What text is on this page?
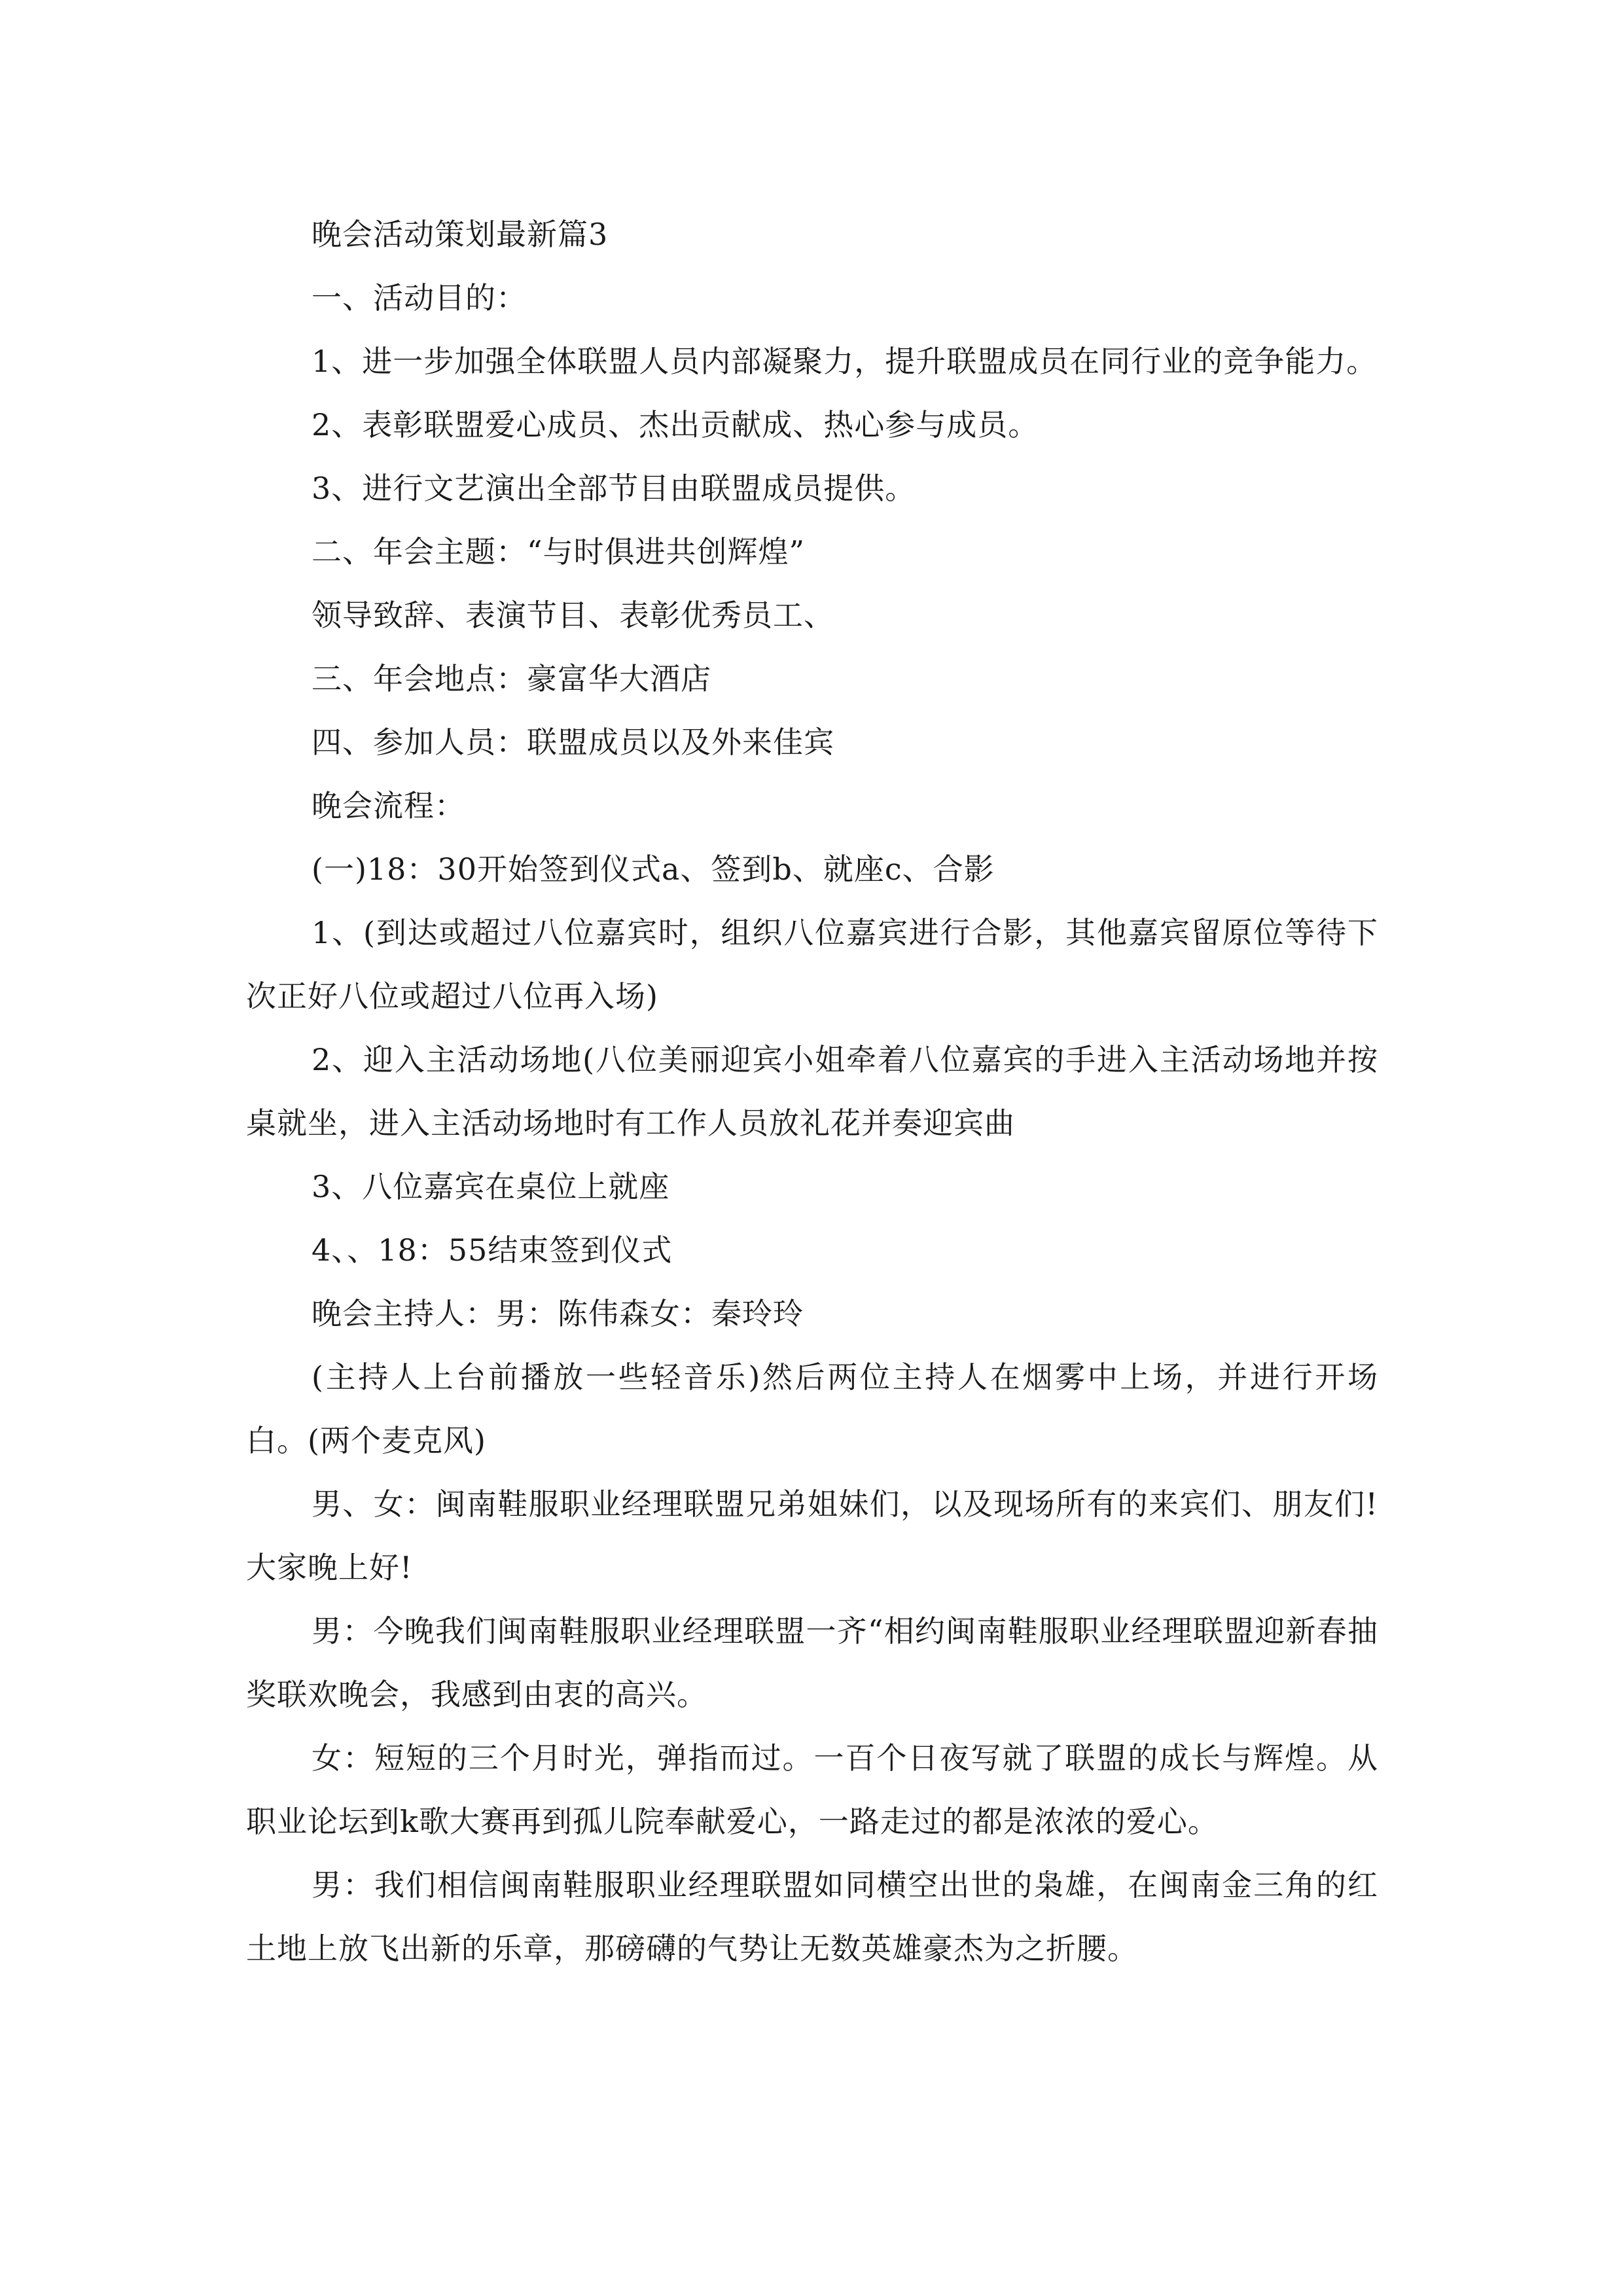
晚会活动策划最新篇3

一、活动目的：

1、进一步加强全体联盟人员内部凝聚力，提升联盟成员在同行业的竞争能力。

2、表彰联盟爱心成员、杰出贡献成、热心参与成员。

3、进行文艺演出全部节目由联盟成员提供。

二、年会主题：“与时俱进共创辉煌”

领导致辞、表演节目、表彰优秀员工、

三、年会地点：豪富华大酒店

四、参加人员：联盟成员以及外来佳宾

晚会流程：

(一)18：30开始签到仪式a、签到b、就座c、合影

1、(到达或超过八位嘉宾时，组织八位嘉宾进行合影，其他嘉宾留原位等待下次正好八位或超过八位再入场)

2、迎入主活动场地(八位美丽迎宾小姐牵着八位嘉宾的手进入主活动场地并按桌就坐，进入主活动场地时有工作人员放礼花并奏迎宾曲

3、八位嘉宾在桌位上就座

4、、18：55结束签到仪式

晚会主持人：男：陈伟森女：秦玲玲

(主持人上台前播放一些轻音乐)然后两位主持人在烟雾中上场，并进行开场白。(两个麦克风)

男、女：闽南鞋服职业经理联盟兄弟姐妹们，以及现场所有的来宾们、朋友们!大家晚上好!

男：今晚我们闽南鞋服职业经理联盟一齐“相约闽南鞋服职业经理联盟迎新春抽奖联欢晚会，我感到由衷的高兴。

女：短短的三个月时光，弹指而过。一百个日夜写就了联盟的成长与辉煌。从职业论坛到k歌大赛再到孤儿院奉献爱心，一路走过的都是浓浓的爱心。

男：我们相信闽南鞋服职业经理联盟如同横空出世的枭雄，在闽南金三角的红土地上放飞出新的乐章，那磅礴的气势让无数英雄豪杰为之折腰。
